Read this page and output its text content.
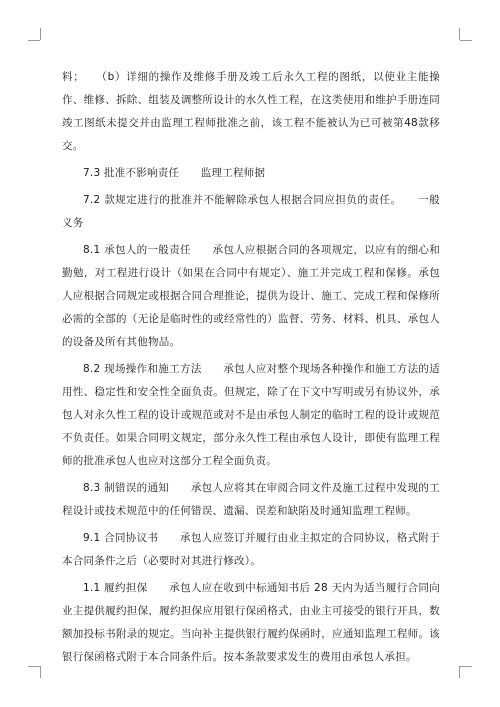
料；　　（b）详细的操作及维修手册及竣工后永久工程的图纸，以使业主能操作、维修、拆除、组装及调整所设计的水久性工程，在这类使用和维护手册连同竣工图纸未提交并由监理工程师批准之前，该工程不能被认为已可被第48款移交。

7.3 批准不影响责任　　监理工程师据

7.2 款规定进行的批准并不能解除承包人根据合同应担负的责任。　　一般义务

8.1 承包人的一般责任　　承包人应根据合同的各项规定，以应有的细心和勤勉，对工程进行设计（如果在合同中有规定）、施工并完成工程和保修。承包人应根据合同规定或根据合同合理推论，提供为设计、施工、完成工程和保修所必需的全部的（无论是临时性的或经常性的）监督、劳务、材料、机具、承包人的设备及所有其他物品。

8.2 现场操作和施工方法　　承包人应对整个现场各种操作和施工方法的适用性、稳定性和安全性全面负责。但规定，除了在下文中写明或另有协议外，承包人对永久性工程的设计或规范或对不是由承包人制定的临时工程的设计或规范不负责任。如果合同明文规定，部分永久性工程由承包人设计，即使有监理工程师的批准承包人也应对这部分工程全面负责。

8.3 制错误的通知　　承包人应将其在审阅合同文件及施工过程中发现的工程设计或技术规范中的任何错误、遗漏、误差和缺陷及时通知监理工程师。

9.1 合同协议书　　承包人应签订并履行由业主拟定的合同协议，格式附于本合同条件之后（必要时对其进行修改）。

1.1 履约担保　　承包人应在收到中标通知书后 28 天内为适当履行合同向业主提供履约担保，履约担保应用银行保函格式，由业主可接受的银行开具，数额加投标书附录的规定。当向补主提供银行履约保函时，应通知监理工程师。该银行保函格式附于本合同条件后。按本条款要求发生的费用由承包人承担。
